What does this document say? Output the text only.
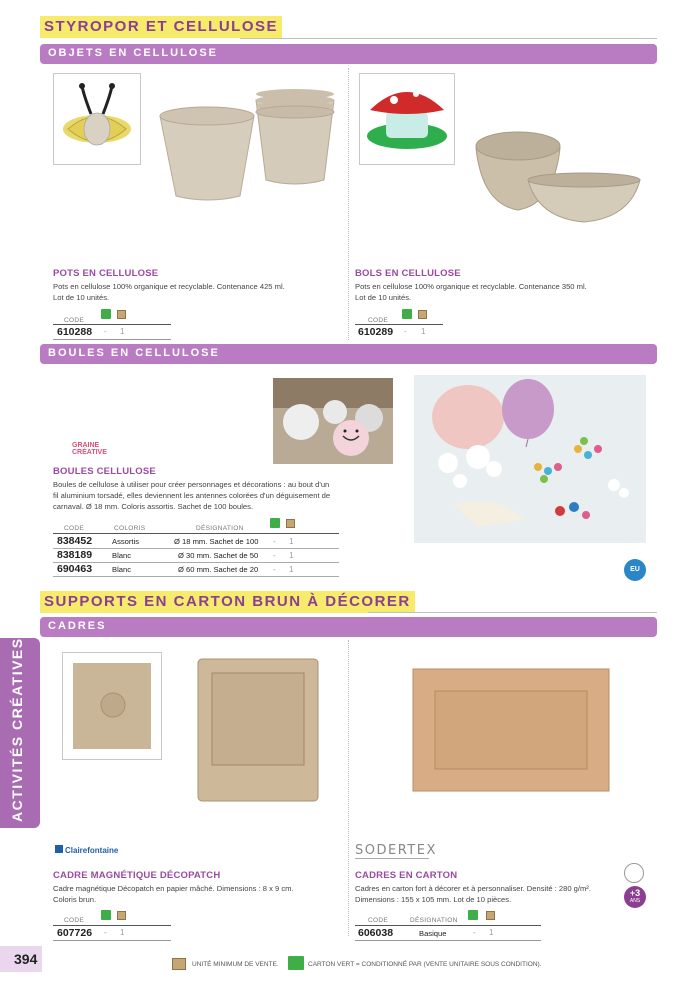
STYROPOR ET CELLULOSE
OBJETS EN CELLULOSE
POTS EN CELLULOSE
Pots en cellulose 100% organique et recyclable. Contenance 425 ml.
Lot de 10 unités.
CODE
610288 - 1
BOLS EN CELLULOSE
Pots en cellulose 100% organique et recyclable. Contenance 350 ml.
Lot de 10 unités.
CODE
610289 - 1
BOULES EN CELLULOSE
EU
GRAINE
CRÉATIVE
BOULES CELLULOSE
Boules de cellulose à utiliser pour créer personnages et décorations : au bout d'un
fil aluminium torsadé, elles deviennent les antennes colorées d'un déguisement de
carnaval. Ø 18 mm. Coloris assortis. Sachet de 100 boules.
CODE	COLORIS	DÉSIGNATION
838452	Assortis	Ø 18 mm. Sachet de 100 - 1
838189	Blanc	Ø 30 mm. Sachet de 50 - 1
690463	Blanc	Ø 60 mm. Sachet de 20 - 1
SUPPORTS EN CARTON BRUN À DÉCORER
CADRES
ACTIVITÉS CRÉATIVES
Clairefontaine
CADRE MAGNÉTIQUE DÉCOPATCH
Cadre magnétique Décopatch en papier mâché. Dimensions : 8 x 9 cm.
Coloris brun.
CODE
607726 - 1
SODERTEX
+3
ANS
CADRES EN CARTON
Cadres en carton fort à décorer et à personnaliser. Densité : 280 g/m².
Dimensions : 155 x 105 mm. Lot de 10 pièces.
CODE	DÉSIGNATION
606038	Basique	- 1
UNITÉ MINIMUM DE VENTE.	CARTON VERT = CONDITIONNÉ PAR (VENTE UNITAIRE SOUS CONDITION).
394
